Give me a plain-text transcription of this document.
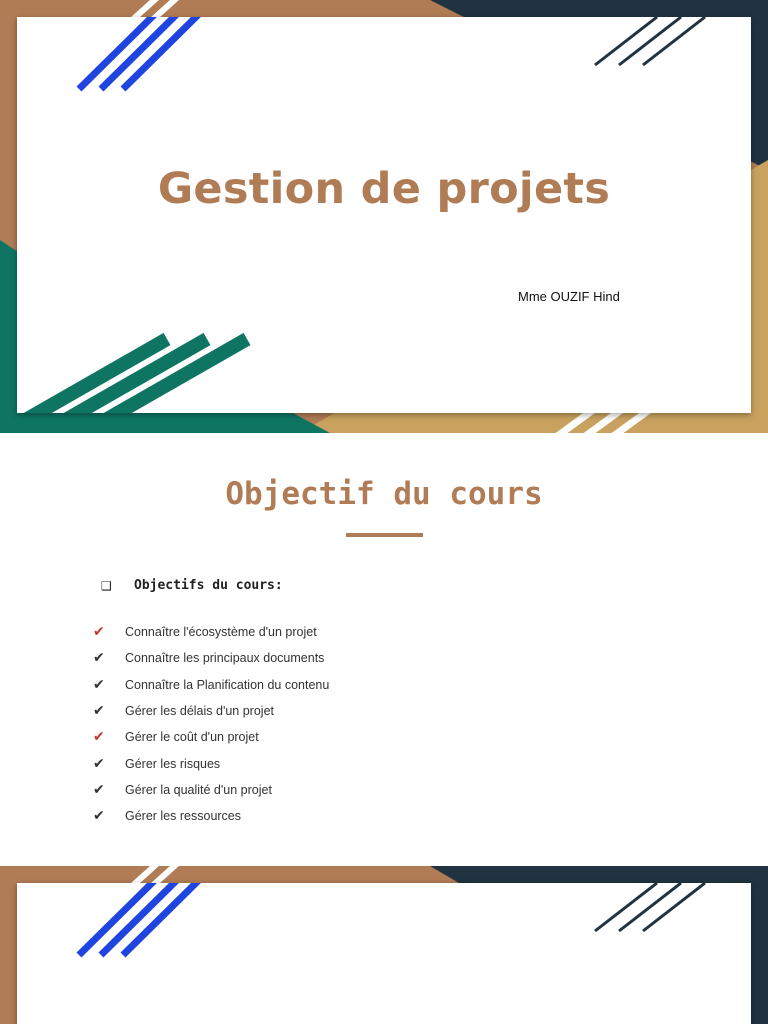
Gestion de projets

Mme OUZIF Hind

Objectif du cours
❑	Objectifs du cours:
✔	Connaître l'écosystème d'un projet
✔	Connaître les principaux documents
✔	Connaître la Planification du contenu
✔	Gérer les délais d'un projet
✔	Gérer le coût d'un projet
✔	Gérer les risques
✔	Gérer la qualité d'un projet
✔	Gérer les ressources
